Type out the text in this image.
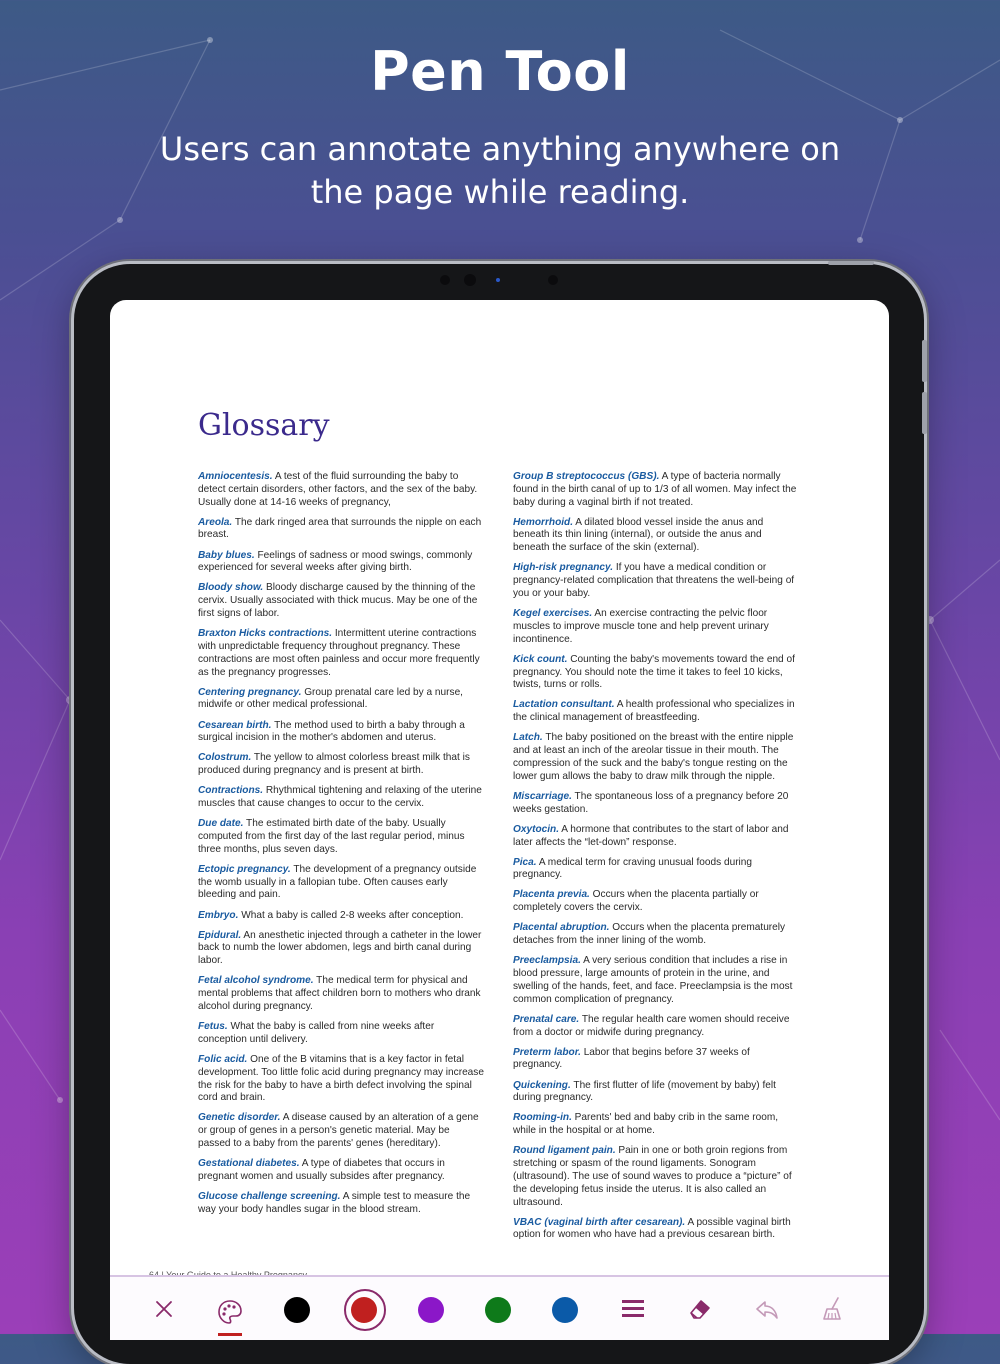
Pen Tool
Users can annotate anything anywhere on the page while reading.
Glossary
Amniocentesis. A test of the fluid surrounding the baby to detect certain disorders, other factors, and the sex of the baby. Usually done at 14-16 weeks of pregnancy,
Areola. The dark ringed area that surrounds the nipple on each breast.
Baby blues. Feelings of sadness or mood swings, commonly experienced for several weeks after giving birth.
Bloody show. Bloody discharge caused by the thinning of the cervix. Usually associated with thick mucus. May be one of the first signs of labor.
Braxton Hicks contractions. Intermittent uterine contractions with unpredictable frequency throughout pregnancy. These contractions are most often painless and occur more frequently as the pregnancy progresses.
Centering pregnancy. Group prenatal care led by a nurse, midwife or other medical professional.
Cesarean birth. The method used to birth a baby through a surgical incision in the mother's abdomen and uterus.
Colostrum. The yellow to almost colorless breast milk that is produced during pregnancy and is present at birth.
Contractions. Rhythmical tightening and relaxing of the uterine muscles that cause changes to occur to the cervix.
Due date. The estimated birth date of the baby. Usually computed from the first day of the last regular period, minus three months, plus seven days.
Ectopic pregnancy. The development of a pregnancy outside the womb usually in a fallopian tube. Often causes early bleeding and pain.
Embryo. What a baby is called 2-8 weeks after conception.
Epidural. An anesthetic injected through a catheter in the lower back to numb the lower abdomen, legs and birth canal during labor.
Fetal alcohol syndrome. The medical term for physical and mental problems that affect children born to mothers who drank alcohol during pregnancy.
Fetus. What the baby is called from nine weeks after conception until delivery.
Folic acid. One of the B vitamins that is a key factor in fetal development. Too little folic acid during pregnancy may increase the risk for the baby to have a birth defect involving the spinal cord and brain.
Genetic disorder. A disease caused by an alteration of a gene or group of genes in a person's genetic material. May be passed to a baby from the parents' genes (hereditary).
Gestational diabetes. A type of diabetes that occurs in pregnant women and usually subsides after pregnancy.
Glucose challenge screening. A simple test to measure the way your body handles sugar in the blood stream.
Group B streptococcus (GBS). A type of bacteria normally found in the birth canal of up to 1/3 of all women. May infect the baby during a vaginal birth if not treated.
Hemorrhoid. A dilated blood vessel inside the anus and beneath its thin lining (internal), or outside the anus and beneath the surface of the skin (external).
High-risk pregnancy. If you have a medical condition or pregnancy-related complication that threatens the well-being of you or your baby.
Kegel exercises. An exercise contracting the pelvic floor muscles to improve muscle tone and help prevent urinary incontinence.
Kick count. Counting the baby's movements toward the end of pregnancy. You should note the time it takes to feel 10 kicks, twists, turns or rolls.
Lactation consultant. A health professional who specializes in the clinical management of breastfeeding.
Latch. The baby positioned on the breast with the entire nipple and at least an inch of the areolar tissue in their mouth. The compression of the suck and the baby's tongue resting on the lower gum allows the baby to draw milk through the nipple.
Miscarriage. The spontaneous loss of a pregnancy before 20 weeks gestation.
Oxytocin. A hormone that contributes to the start of labor and later affects the “let-down” response.
Pica. A medical term for craving unusual foods during pregnancy.
Placenta previa. Occurs when the placenta partially or completely covers the cervix.
Placental abruption. Occurs when the placenta prematurely detaches from the inner lining of the womb.
Preeclampsia. A very serious condition that includes a rise in blood pressure, large amounts of protein in the urine, and swelling of the hands, feet, and face. Preeclampsia is the most common complication of pregnancy.
Prenatal care. The regular health care women should receive from a doctor or midwife during pregnancy.
Preterm labor. Labor that begins before 37 weeks of pregnancy.
Quickening. The first flutter of life (movement by baby) felt during pregnancy.
Rooming-in. Parents' bed and baby crib in the same room, while in the hospital or at home.
Round ligament pain. Pain in one or both groin regions from stretching or spasm of the round ligaments. Sonogram (ultrasound). The use of sound waves to produce a “picture” of the developing fetus inside the uterus. It is also called an ultrasound.
VBAC (vaginal birth after cesarean). A possible vaginal birth option for women who have had a previous cesarean birth.
